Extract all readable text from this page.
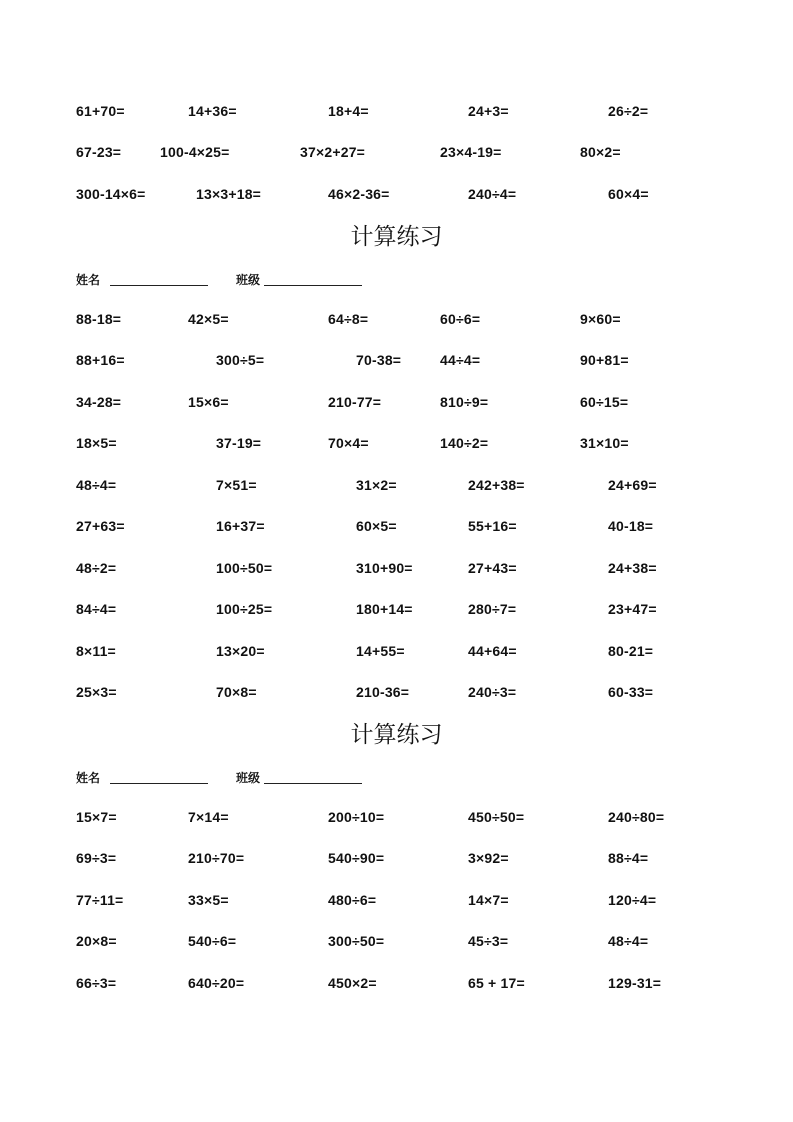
61+70=	14+36=	18+4=	24+3=	26÷2=
67-23=	100-4×25=	37×2+27=	23×4-19=	80×2=
300-14×6=	13×3+18=	46×2-36=	240÷4=	60×4=
计算练习
姓名	班级
88-18=	42×5=	64÷8=	60÷6=	9×60=
88+16=	300÷5=	70-38=	44÷4=	90+81=
34-28=	15×6=	210-77=	810÷9=	60÷15=
18×5=	37-19=	70×4=	140÷2=	31×10=
48÷4=	7×51=	31×2=	242+38=	24+69=
27+63=	16+37=	60×5=	55+16=	40-18=
48÷2=	100÷50=	310+90=	27+43=	24+38=
84÷4=	100÷25=	180+14=	280÷7=	23+47=
8×11=	13×20=	14+55=	44+64=	80-21=
25×3=	70×8=	210-36=	240÷3=	60-33=
计算练习
姓名	班级
15×7=	7×14=	200÷10=	450÷50=	240÷80=
69÷3=	210÷70=	540÷90=	3×92=	88÷4=
77÷11=	33×5=	480÷6=	14×7=	120÷4=
20×8=	540÷6=	300÷50=	45÷3=	48÷4=
66÷3=	640÷20=	450×2=	65 + 17=	129-31=
